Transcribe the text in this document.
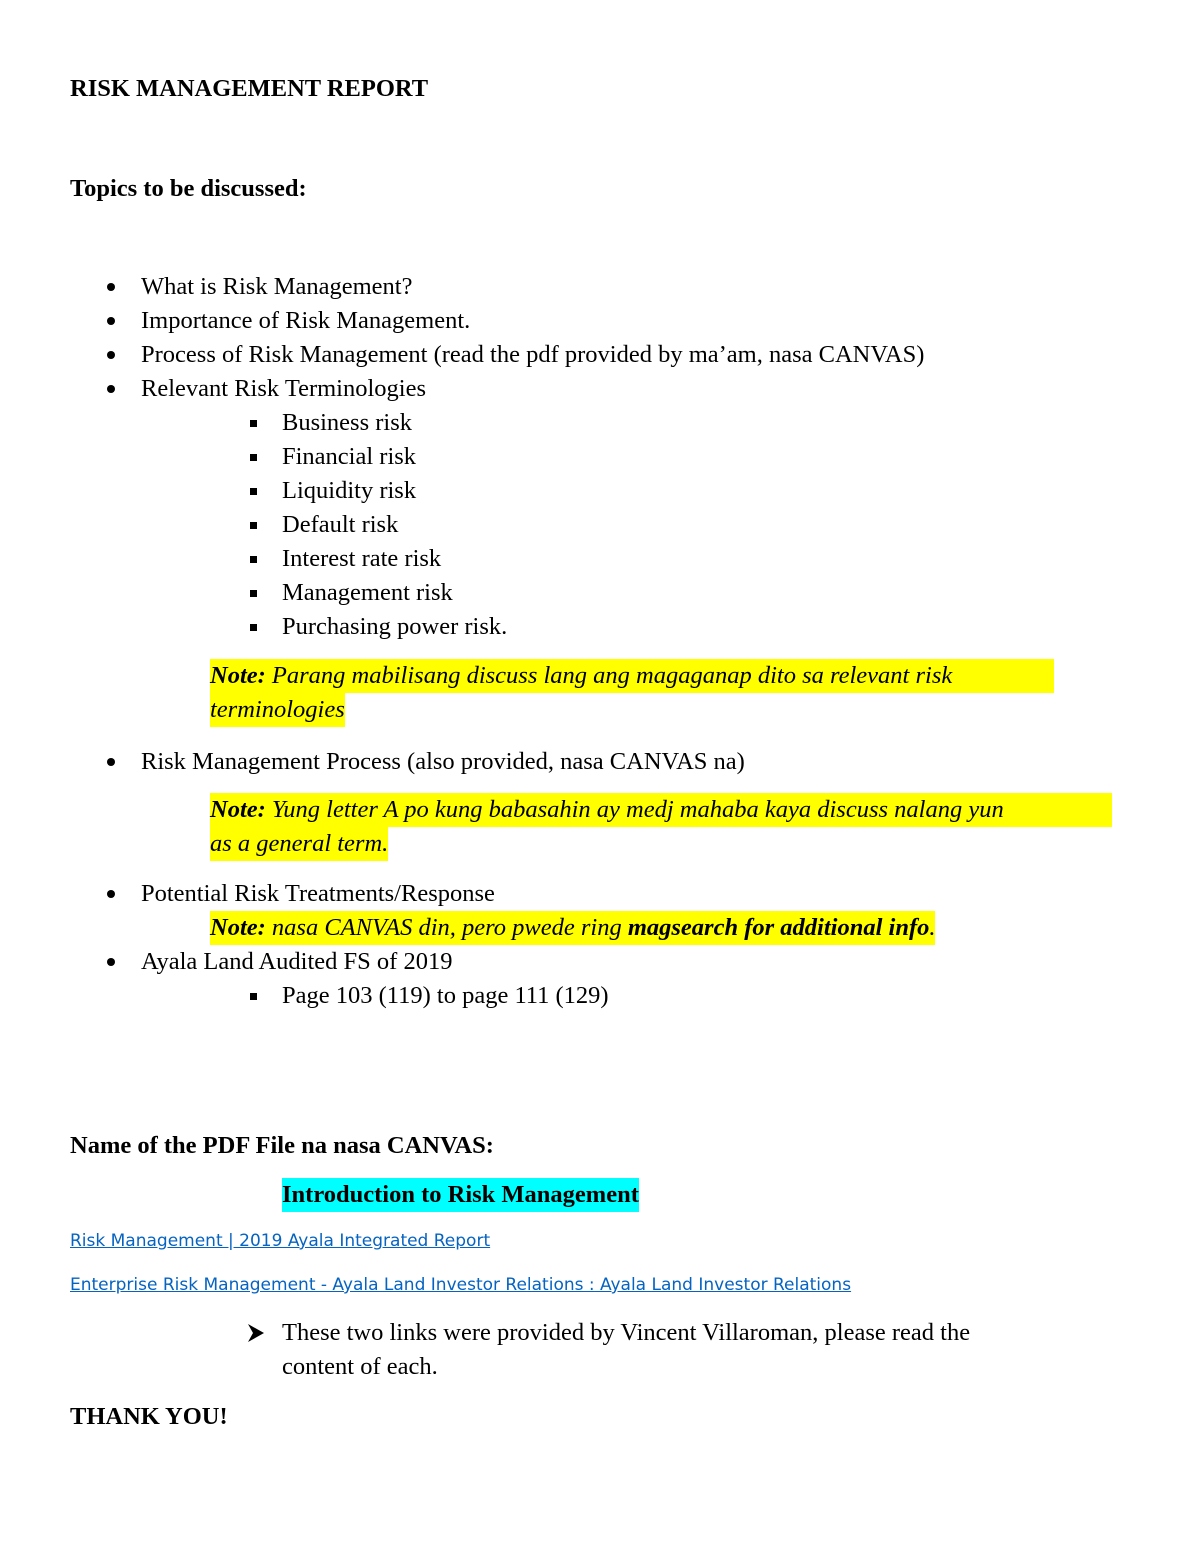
RISK MANAGEMENT REPORT
Topics to be discussed:
What is Risk Management?
Importance of Risk Management.
Process of Risk Management (read the pdf provided by ma’am, nasa CANVAS)
Relevant Risk Terminologies
Business risk
Financial risk
Liquidity risk
Default risk
Interest rate risk
Management risk
Purchasing power risk.
Note: Parang mabilisang discuss lang ang magaganap dito sa relevant risk
terminologies
Risk Management Process (also provided, nasa CANVAS na)
Note: Yung letter A po kung babasahin ay medj mahaba kaya discuss nalang yun
as a general term.
Potential Risk Treatments/Response
Note: nasa CANVAS din, pero pwede ring magsearch for additional info.
Ayala Land Audited FS of 2019
Page 103 (119) to page 111 (129)
Name of the PDF File na nasa CANVAS:
Introduction to Risk Management
Risk Management | 2019 Ayala Integrated Report
Enterprise Risk Management - Ayala Land Investor Relations : Ayala Land Investor Relations
These two links were provided by Vincent Villaroman, please read the
content of each.
THANK YOU!
